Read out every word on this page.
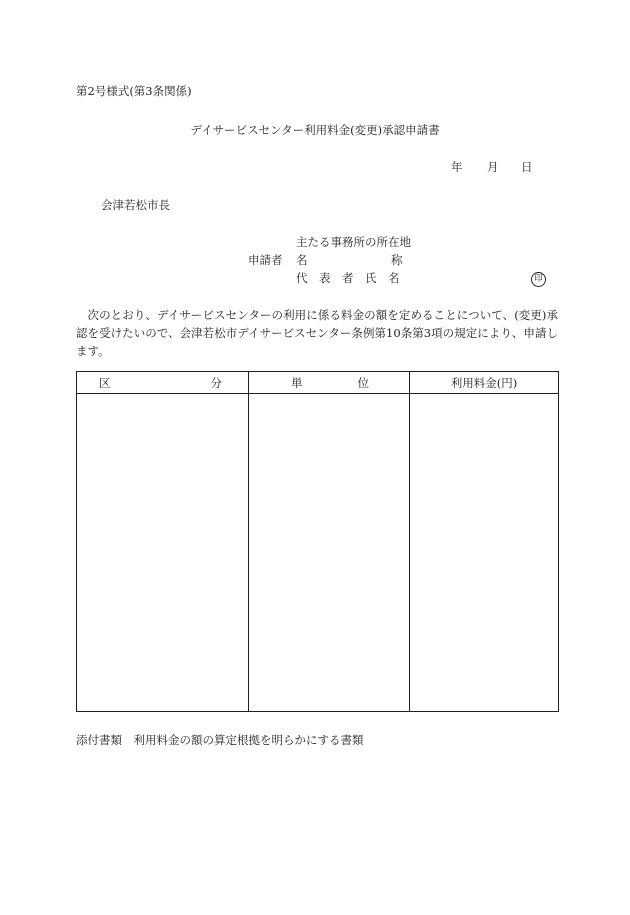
第2号様式(第3条関係)
デイサービスセンター利用料金(変更)承認申請書
年 月 日
会津若松市長
主たる事務所の所在地
申請者 名	称
代　表　者　氏　名	印
次のとおり、デイサービスセンターの利用に係る料金の額を定めることについて、(変更)承認を受けたいので、会津若松市デイサービスセンター条例第10条第3項の規定により、申請します。
区 分	単 位	利用料金(円)

添付書類　利用料金の額の算定根拠を明らかにする書類
